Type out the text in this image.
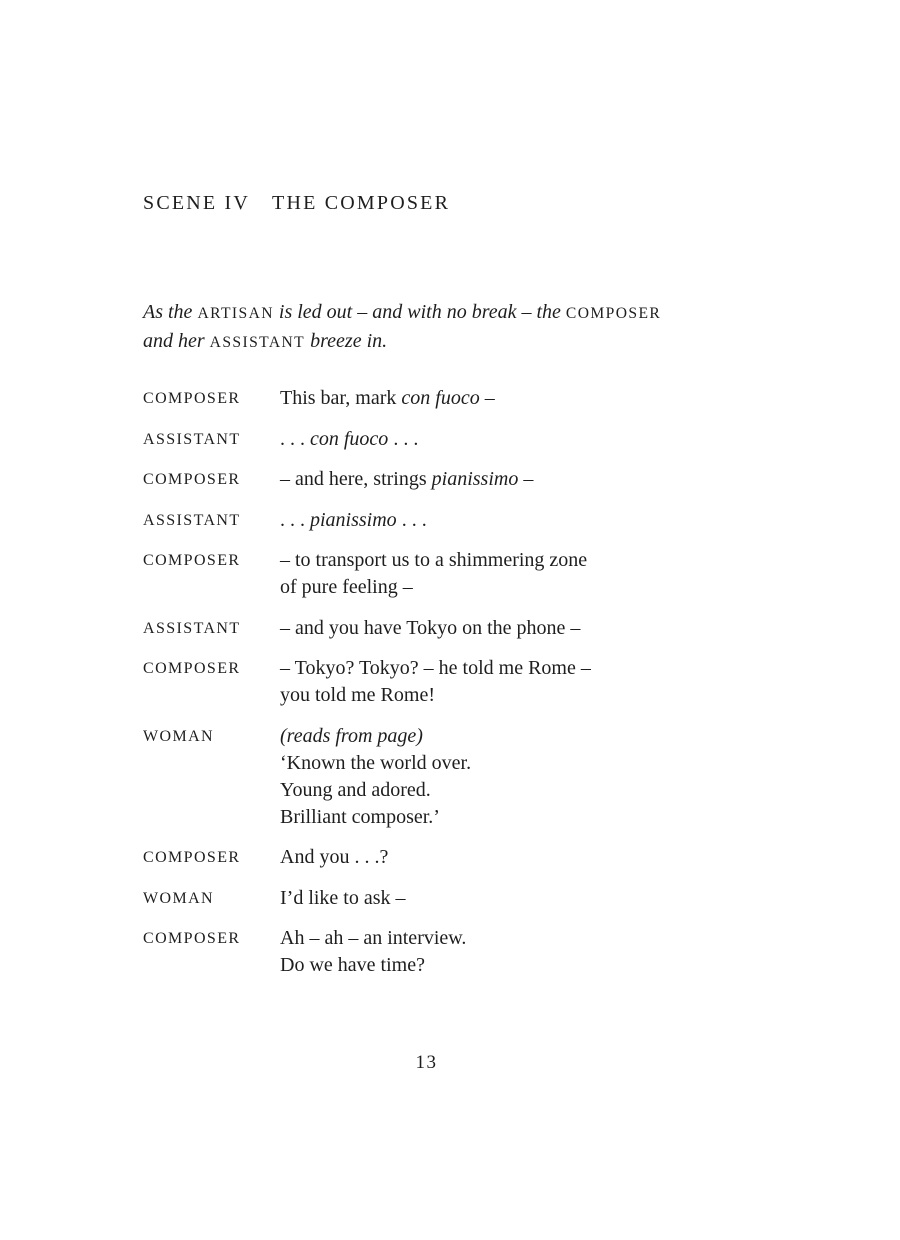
SCENE IV THE COMPOSER
As the ARTISAN is led out – and with no break – the COMPOSER
and her ASSISTANT breeze in.
COMPOSER	This bar, mark con fuoco –
ASSISTANT	. . . con fuoco . . .
COMPOSER	– and here, strings pianissimo –
ASSISTANT	. . . pianissimo . . .
COMPOSER	– to transport us to a shimmering zone
of pure feeling –
ASSISTANT	– and you have Tokyo on the phone –
COMPOSER	– Tokyo? Tokyo? – he told me Rome –
you told me Rome!
WOMAN	(reads from page)
‘Known the world over.
Young and adored.
Brilliant composer.’
COMPOSER	And you . . .?
WOMAN	I’d like to ask –
COMPOSER	Ah – ah – an interview.
Do we have time?
13
